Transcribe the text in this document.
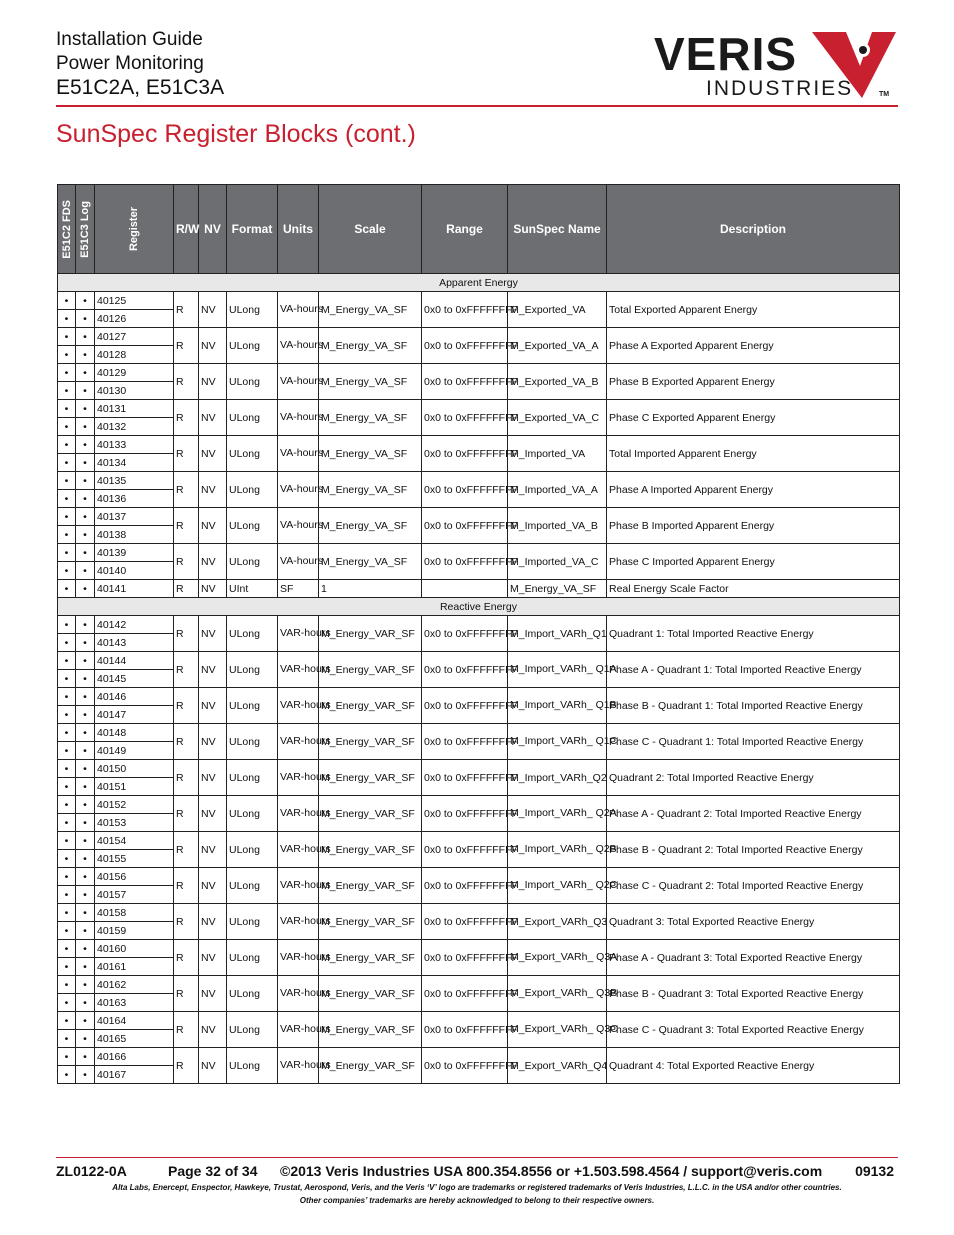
Installation Guide
Power Monitoring
E51C2A, E51C3A
VERIS
INDUSTRIES	TM
SunSpec Register Blocks (cont.)
E51C2 FDS	E51C3 Log	Register	R/W	NV	Format	Units	Scale	Range	SunSpec Name	Description
Apparent Energy										
•	•	40125	R	NV	ULong	VA-hours	M_Energy_VA_SF	0x0 to 0xFFFFFFFF	M_Exported_VA	Total Exported Apparent Energy
•	•	40126								
•	•	40127	R	NV	ULong	VA-hours	M_Energy_VA_SF	0x0 to 0xFFFFFFFF	M_Exported_VA_A	Phase A Exported Apparent Energy
•	•	40128								
•	•	40129	R	NV	ULong	VA-hours	M_Energy_VA_SF	0x0 to 0xFFFFFFFF	M_Exported_VA_B	Phase B Exported Apparent Energy
•	•	40130								
•	•	40131	R	NV	ULong	VA-hours	M_Energy_VA_SF	0x0 to 0xFFFFFFFF	M_Exported_VA_C	Phase C Exported Apparent Energy
•	•	40132								
•	•	40133	R	NV	ULong	VA-hours	M_Energy_VA_SF	0x0 to 0xFFFFFFFF	M_Imported_VA	Total Imported Apparent Energy
•	•	40134								
•	•	40135	R	NV	ULong	VA-hours	M_Energy_VA_SF	0x0 to 0xFFFFFFFF	M_Imported_VA_A	Phase A Imported Apparent Energy
•	•	40136								
•	•	40137	R	NV	ULong	VA-hours	M_Energy_VA_SF	0x0 to 0xFFFFFFFF	M_Imported_VA_B	Phase B Imported Apparent Energy
•	•	40138								
•	•	40139	R	NV	ULong	VA-hours	M_Energy_VA_SF	0x0 to 0xFFFFFFFF	M_Imported_VA_C	Phase C Imported Apparent Energy
•	•	40140								
•	•	40141	R	NV	UInt	SF	1		M_Energy_VA_SF	Real Energy Scale Factor
Reactive Energy										
•	•	40142	R	NV	ULong	VAR-hours	M_Energy_VAR_SF	0x0 to 0xFFFFFFFF	M_Import_VARh_Q1	Quadrant 1: Total Imported Reactive Energy
•	•	40143								
•	•	40144	R	NV	ULong	VAR-hours	M_Energy_VAR_SF	0x0 to 0xFFFFFFFF	M_Import_VARh_ Q1A	Phase A - Quadrant 1: Total Imported Reactive Energy
•	•	40145								
•	•	40146	R	NV	ULong	VAR-hours	M_Energy_VAR_SF	0x0 to 0xFFFFFFFF	M_Import_VARh_ Q1B	Phase B - Quadrant 1: Total Imported Reactive Energy
•	•	40147								
•	•	40148	R	NV	ULong	VAR-hours	M_Energy_VAR_SF	0x0 to 0xFFFFFFFF	M_Import_VARh_ Q1C	Phase C - Quadrant 1: Total Imported Reactive Energy
•	•	40149								
•	•	40150	R	NV	ULong	VAR-hours	M_Energy_VAR_SF	0x0 to 0xFFFFFFFF	M_Import_VARh_Q2	Quadrant 2: Total Imported Reactive Energy
•	•	40151								
•	•	40152	R	NV	ULong	VAR-hours	M_Energy_VAR_SF	0x0 to 0xFFFFFFFF	M_Import_VARh_ Q2A	Phase A - Quadrant 2: Total Imported Reactive Energy
•	•	40153								
•	•	40154	R	NV	ULong	VAR-hours	M_Energy_VAR_SF	0x0 to 0xFFFFFFFF	M_Import_VARh_ Q2B	Phase B - Quadrant 2: Total Imported Reactive Energy
•	•	40155								
•	•	40156	R	NV	ULong	VAR-hours	M_Energy_VAR_SF	0x0 to 0xFFFFFFFF	M_Import_VARh_ Q2C	Phase C - Quadrant 2: Total Imported Reactive Energy
•	•	40157								
•	•	40158	R	NV	ULong	VAR-hours	M_Energy_VAR_SF	0x0 to 0xFFFFFFFF	M_Export_VARh_Q3	Quadrant 3: Total Exported Reactive Energy
•	•	40159								
•	•	40160	R	NV	ULong	VAR-hours	M_Energy_VAR_SF	0x0 to 0xFFFFFFFF	M_Export_VARh_ Q3A	Phase A - Quadrant 3: Total Exported Reactive Energy
•	•	40161								
•	•	40162	R	NV	ULong	VAR-hours	M_Energy_VAR_SF	0x0 to 0xFFFFFFFF	M_Export_VARh_ Q3B	Phase B - Quadrant 3: Total Exported Reactive Energy
•	•	40163								
•	•	40164	R	NV	ULong	VAR-hours	M_Energy_VAR_SF	0x0 to 0xFFFFFFFF	M_Export_VARh_ Q3C	Phase C - Quadrant 3: Total Exported Reactive Energy
•	•	40165								
•	•	40166	R	NV	ULong	VAR-hours	M_Energy_VAR_SF	0x0 to 0xFFFFFFFF	M_Export_VARh_Q4	Quadrant 4: Total Exported Reactive Energy
•	•	40167								
ZL0122-0A	Page 32 of 34 ©2013 Veris Industries USA 800.354.8556 or +1.503.598.4564 / support@veris.com 09132
Alta Labs, Enercept, Enspector, Hawkeye, Trustat, Aerospond, Veris, and the Veris ‘V’ logo are trademarks or registered trademarks of Veris Industries, L.L.C. in the USA and/or other countries.
Other companies’ trademarks are hereby acknowledged to belong to their respective owners.
